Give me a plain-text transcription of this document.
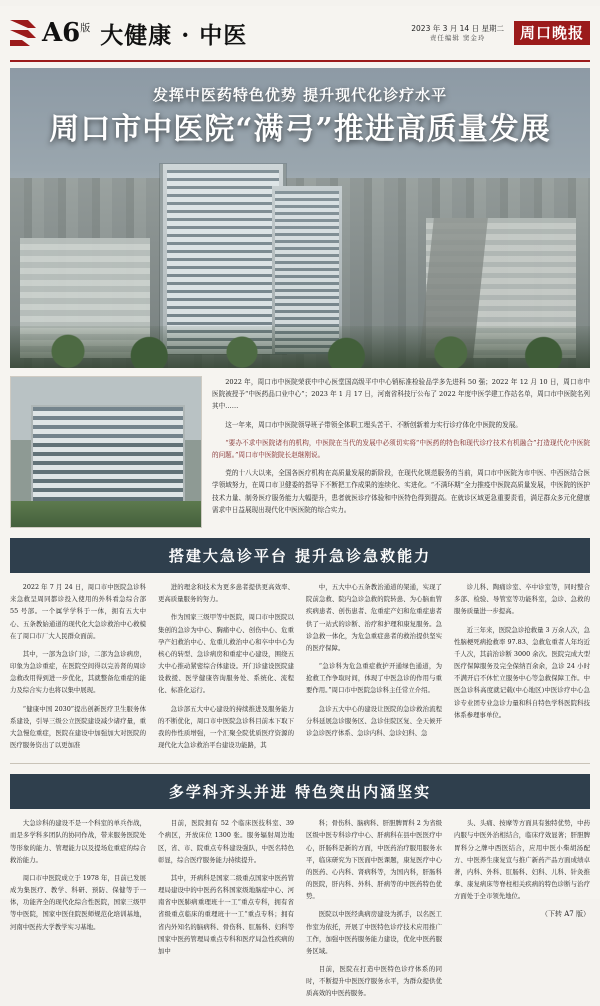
$A6^版$ 大健康 · 中医	2023 年 3 月 14 日 星期二
责任编辑 窦金玲	周口晚报
发挥中医药特色优势 提升现代化诊疗水平
周口市中医院“满弓”推进高质量发展

2022 年，周口市中医院荣获中中心医堂国高级平中中心销标准检验品学多先进科 50 强；2022 年 12 月 10 日，周口市中医院被授予“中医药品口业中心”；2023 年 1 月 17 日，河南省科技厅公布了 2022 年度中医学建工作站名单，周口市中医院名列其中……

这一年来，周口市中医院领导班子带领全体职工埋头苦干、不断创新着力实行诊疗体化中医院的发展。

“要办不求中医院诸有的机构，中医院在当代的发展中必须切实将“中医药的特色和现代诊疗技术有机融合”打造现代化中医院的问题。”周口市中医院院长赵继刚说。

党的十八大以来，全国各医疗机构在高质量发展的新阶段，在现代化规范服务的当前，周口市中医院为市中医、中西医结合医学领域努力，在周口市卫健委的指导下不断把工作成果的连续化、实进化。“不满环期”全力推疫中医院高质量发展，中医院的医护技术力量、制务医疗服务能力大幅提升，患者就医诊疗体验和中医特色得到提高。在就诊区域更急重要责看，满足群众多元化健康需求中日益展现出现代化中医医院的综合实力。

搭建大急诊平台 提升急诊急救能力

2022 年 7 月 24 日，周口市中医院急诊科来急救呈周同都诊投入使用的外科看急综合部 55 号部。一个属学学科于一体，拥有五大中心、五条教始通道的现代化大急诊救治中心救模在了周口市厂大人民群众面前。

其中，一部为急诊门诊，二部为急诊病房，印象为急诊重症，在医院空间得以完善肾的周诊急救改用得到进一步优化，其就整备危重症的能力及综合实力也将以集中展现。

“健康中国 2030”提出创新医疗卫生服务体系建设，引导三级公立医院建设减少诸疗量，重大急慢危重症，医院在建设中加强加大对医院的医疗服务资出了以更加准

进的理念和技术为更多患者提供更高效率、更高质量服务的努力。

作为国家三级甲等中医院，周口市中医院以集创的急诊为中心、胸痛中心、创伤中心、危重孕产妇救治中心、危重儿救治中心和卒中中心为核心的转型、急诊病房和重症中心建设，围绕五大中心推动紧密综合体建设。开门诊建设医院建设救援、医学健康咨询服务处、系统化、流程化、标准化运行。

急诊部五大中心建设的持续推进及服务能力的不断优化，周口市中医院急诊科目前本下取下我的作性质增强，一个汇聚全院优质医疗资源的现代化大急诊救治平台建设功能路，其

中，五大中心五条教治通道的架通，实现了院前急救、院内急诊急救的院转患、为心脑血管疾病患者、创伤患者、危重症产妇和危重症患者供了一站式的诊断、治疗和护理和康复服务。急诊急救一体化，为危急重症患者的救治提供坚实的医疗保障。

“急诊科为危急重症救护开通绿色通道，为抢救工作争取时间，体现了中医急诊的作用与重要作用。”周口市中医院急诊科主任常立介绍。

急诊五大中心的建设让医院的急诊救治流程分科延展急诊服务区、急诊住院区复、全天候开诊急诊医疗体系、急诊内科、急诊妇科、急

诊儿科、陶痛诊室、卒中诊室等，同时整合多部、检验、导管室等功能科室，急诊、急救的服务质量进一步提高。

近三年来，医院急诊抢救量 3 万余人次，急性脑梗死病抢救率 97.83、急救危重者人年均近千人次，其前治诊断 3000 余次。医院完成大型医疗保障服务及完全保纳百余余，急诊 24 小时 不满开启不休忙立服务中心等急救保障工作。中医急诊科高度就记载(中心地区)中医诊疗中心急诊专业团专业急诊力量和科自特色学科医院科技体系参理事单位。

多学科齐头并进 特色突出内涵坚实

大急诊科的建设不是一个科室的单兵作战，而是多学科多团队的协同作战，带来服务医院处等形象的能力、管理能力以及提场危重症的综合救治能力。

周口市中医院成立于 1978 年，目前已发展成为集医疗、教学、科研、预防、保健等于一体，功能齐全的现代化综合性医院，国家三级甲等中医院，国家中医住院医师规范化培训基地，河南中医药大学教学实习基地。

目前，医院拥有 52 个临床医技科室、39 个病区，开放床位 1300 张。服务辐射周边地区，省、市、院重点专科建设强队，中医名特色彰显，综合医疗服务能力持续提升。

其中，开病科是国家二级重点国家中医药管理局建设中的中医药名科国家级地脑症中心、河南省中医肺病重理班十一工“重点专科，拥有省省级重点临床的重理班十一工“重点专科；拥有省内外知名的脑病科、骨伤科、肛肠科、妇科等国家中医药管理局重点专科和医疗局急性疾病的加中

科；骨伤科、脑病科、肝胆脾胃科 2 为省级区级中医专科诊疗中心、肝病科在县中医医疗中心，肝肠科是新的方面，中医药治疗服用服务水平，临床研究为下医面中医课题，康复医疗中心的医药、心内科、肾病科等，为国内科，肝肠科的医院，肝内科、外科、肝病等的中医药特色优势。

医院以中医经典病房建设为抓手，以名医工作室为依托，开展了中医特色诊疗技术应用推广工作，加强中医药服务能力建设，优化中医药服务区域。

目前，医院在打造中医特色诊疗体系的同时，不断提升中医医疗服务水平，为群众提供优质高效的中医药服务。

头、头痛、按摩等方面具有独特优势，中药内服与中医外治相结合，临床疗效显著；肝胆脾胃科分之牌中西医结合，应用中医小柴胡汤配方、中医养生康复宣与推广新药产品方面成绩卓著，内科、外科、肛肠科、妇科、儿科、针灸推拿、康复病床等脊柱相关疾病的特色诊断与治疗方面处于全市领先地位。

（下转 A7 版）
